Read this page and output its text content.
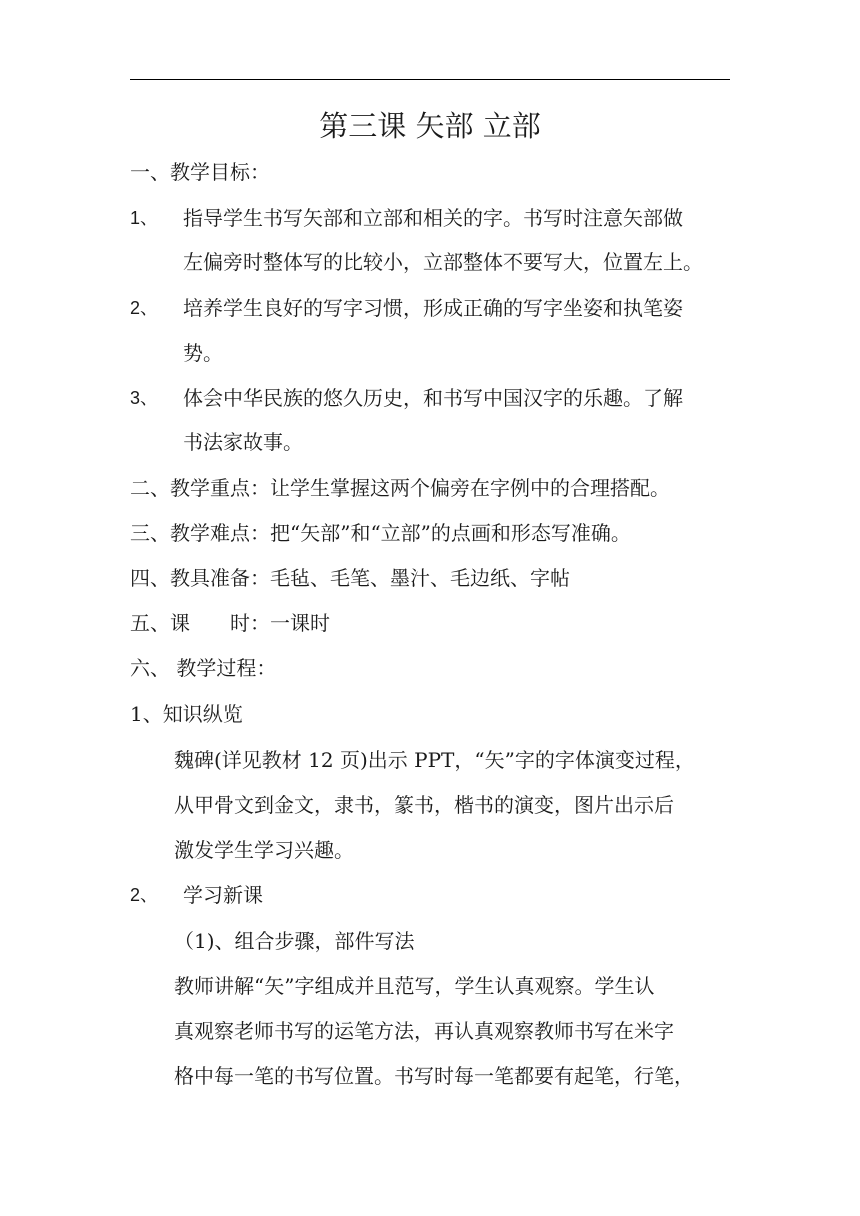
第三课 矢部 立部
一、教学目标：
1、 指导学生书写矢部和立部和相关的字。书写时注意矢部做
左偏旁时整体写的比较小，立部整体不要写大，位置左上。
2、 培养学生良好的写字习惯，形成正确的写字坐姿和执笔姿
势。
3、 体会中华民族的悠久历史，和书写中国汉字的乐趣。了解
书法家故事。
二、教学重点：让学生掌握这两个偏旁在字例中的合理搭配。
三、教学难点：把“矢部”和“立部”的点画和形态写准确。
四、教具准备：毛毡、毛笔、墨汁、毛边纸、字帖
五、课　　时：一课时
六、 教学过程：
1、知识纵览
魏碑(详见教材 12 页)出示 PPT，“矢”字的字体演变过程，
从甲骨文到金文，隶书，篆书，楷书的演变，图片出示后
激发学生学习兴趣。
2、 学习新课
（1)、组合步骤，部件写法
教师讲解“矢”字组成并且范写，学生认真观察。学生认
真观察老师书写的运笔方法，再认真观察教师书写在米字
格中每一笔的书写位置。书写时每一笔都要有起笔，行笔，
